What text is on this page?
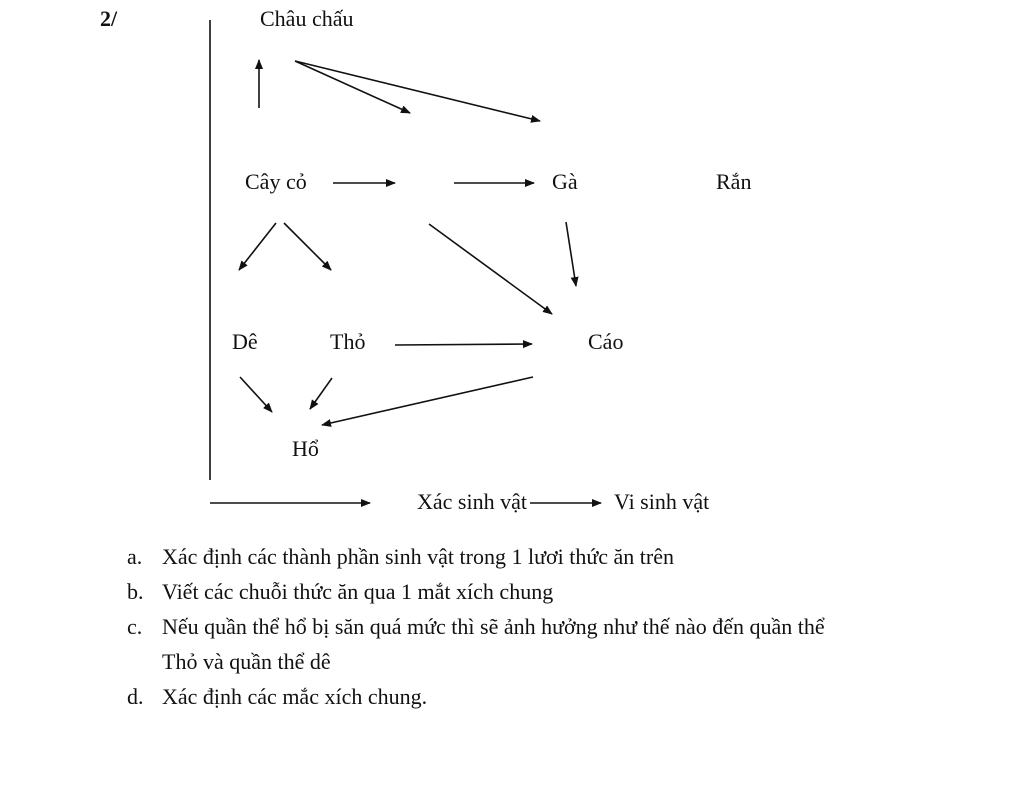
2/	Châu chấu
Cây cỏ	Gà	Rắn
Dê	Thỏ	Cáo
Hổ
Xác sinh vật	Vi sinh vật
a. Xác định các thành phần sinh vật trong 1 lươi thức ăn trên
b. Viết các chuỗi thức ăn qua 1 mắt xích chung
c. Nếu quần thể hổ bị săn quá mức thì sẽ ảnh hưởng như thế nào đến quần thể
Thỏ và quần thể dê
d. Xác định các mắc xích chung.
